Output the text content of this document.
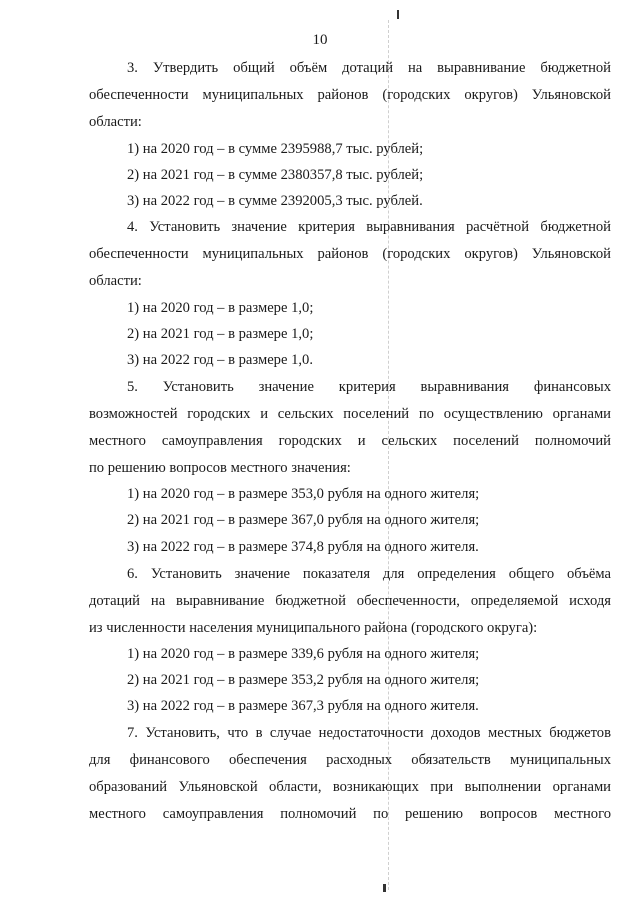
10
3. Утвердить общий объём дотаций на выравнивание бюджетной
обеспеченности муниципальных районов (городских округов) Ульяновской
области:
1) на 2020 год – в сумме 2395988,7 тыс. рублей;
2) на 2021 год – в сумме 2380357,8 тыс. рублей;
3) на 2022 год – в сумме 2392005,3 тыс. рублей.
4. Установить значение критерия выравнивания расчётной бюджетной
обеспеченности муниципальных районов (городских округов) Ульяновской
области:
1) на 2020 год – в размере 1,0;
2) на 2021 год – в размере 1,0;
3) на 2022 год – в размере 1,0.
5. Установить значение критерия выравнивания финансовых
возможностей городских и сельских поселений по осуществлению органами
местного самоуправления городских и сельских поселений полномочий
по решению вопросов местного значения:
1) на 2020 год – в размере 353,0 рубля на одного жителя;
2) на 2021 год – в размере 367,0 рубля на одного жителя;
3) на 2022 год – в размере 374,8 рубля на одного жителя.
6. Установить значение показателя для определения общего объёма
дотаций на выравнивание бюджетной обеспеченности, определяемой исходя
из численности населения муниципального района (городского округа):
1) на 2020 год – в размере 339,6 рубля на одного жителя;
2) на 2021 год – в размере 353,2 рубля на одного жителя;
3) на 2022 год – в размере 367,3 рубля на одного жителя.
7. Установить, что в случае недостаточности доходов местных бюджетов
для финансового обеспечения расходных обязательств муниципальных
образований Ульяновской области, возникающих при выполнении органами
местного самоуправления полномочий по решению вопросов местного
